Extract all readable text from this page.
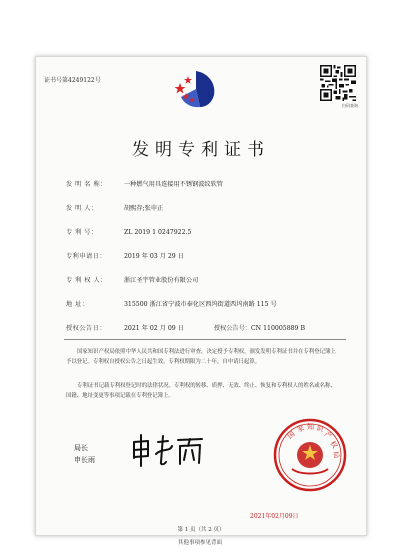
证书号第4249122号
扫码查询
发明专利证书
发 明 名 称：	一种燃气用具连接用不锈钢波纹软管
发 明 人：	胡熙存;张申正
专 利 号：	ZL 2019 1 0247922.5
专利申请日：	2019 年 03 月 29 日
专 利 权 人：	浙江圣宇管业股份有限公司
地 址：	315500 浙江省宁波市奉化区西坞街道西坞南路 115 号
授权公告日：	2021 年 02 月 09 日	授权公告号：CN 110005889 B
国家知识产权局依照中华人民共和国专利法进行审查，决定授予专利权，颁发发明专利证书并在专利登记簿上予以登记。专利权自授权公告之日起生效。专利权期限为二十年，自申请日起算。
专利证书记载专利权登记时的法律状况。专利权的转移、质押、无效、终止、恢复和专利权人的姓名或名称、国籍、地址变更等事项记载在专利登记簿上。
局长
申长雨
国
家 知 识
产
权
局
2021年02月09日
第 1 页（共 2 页）
其他事项参见背面
